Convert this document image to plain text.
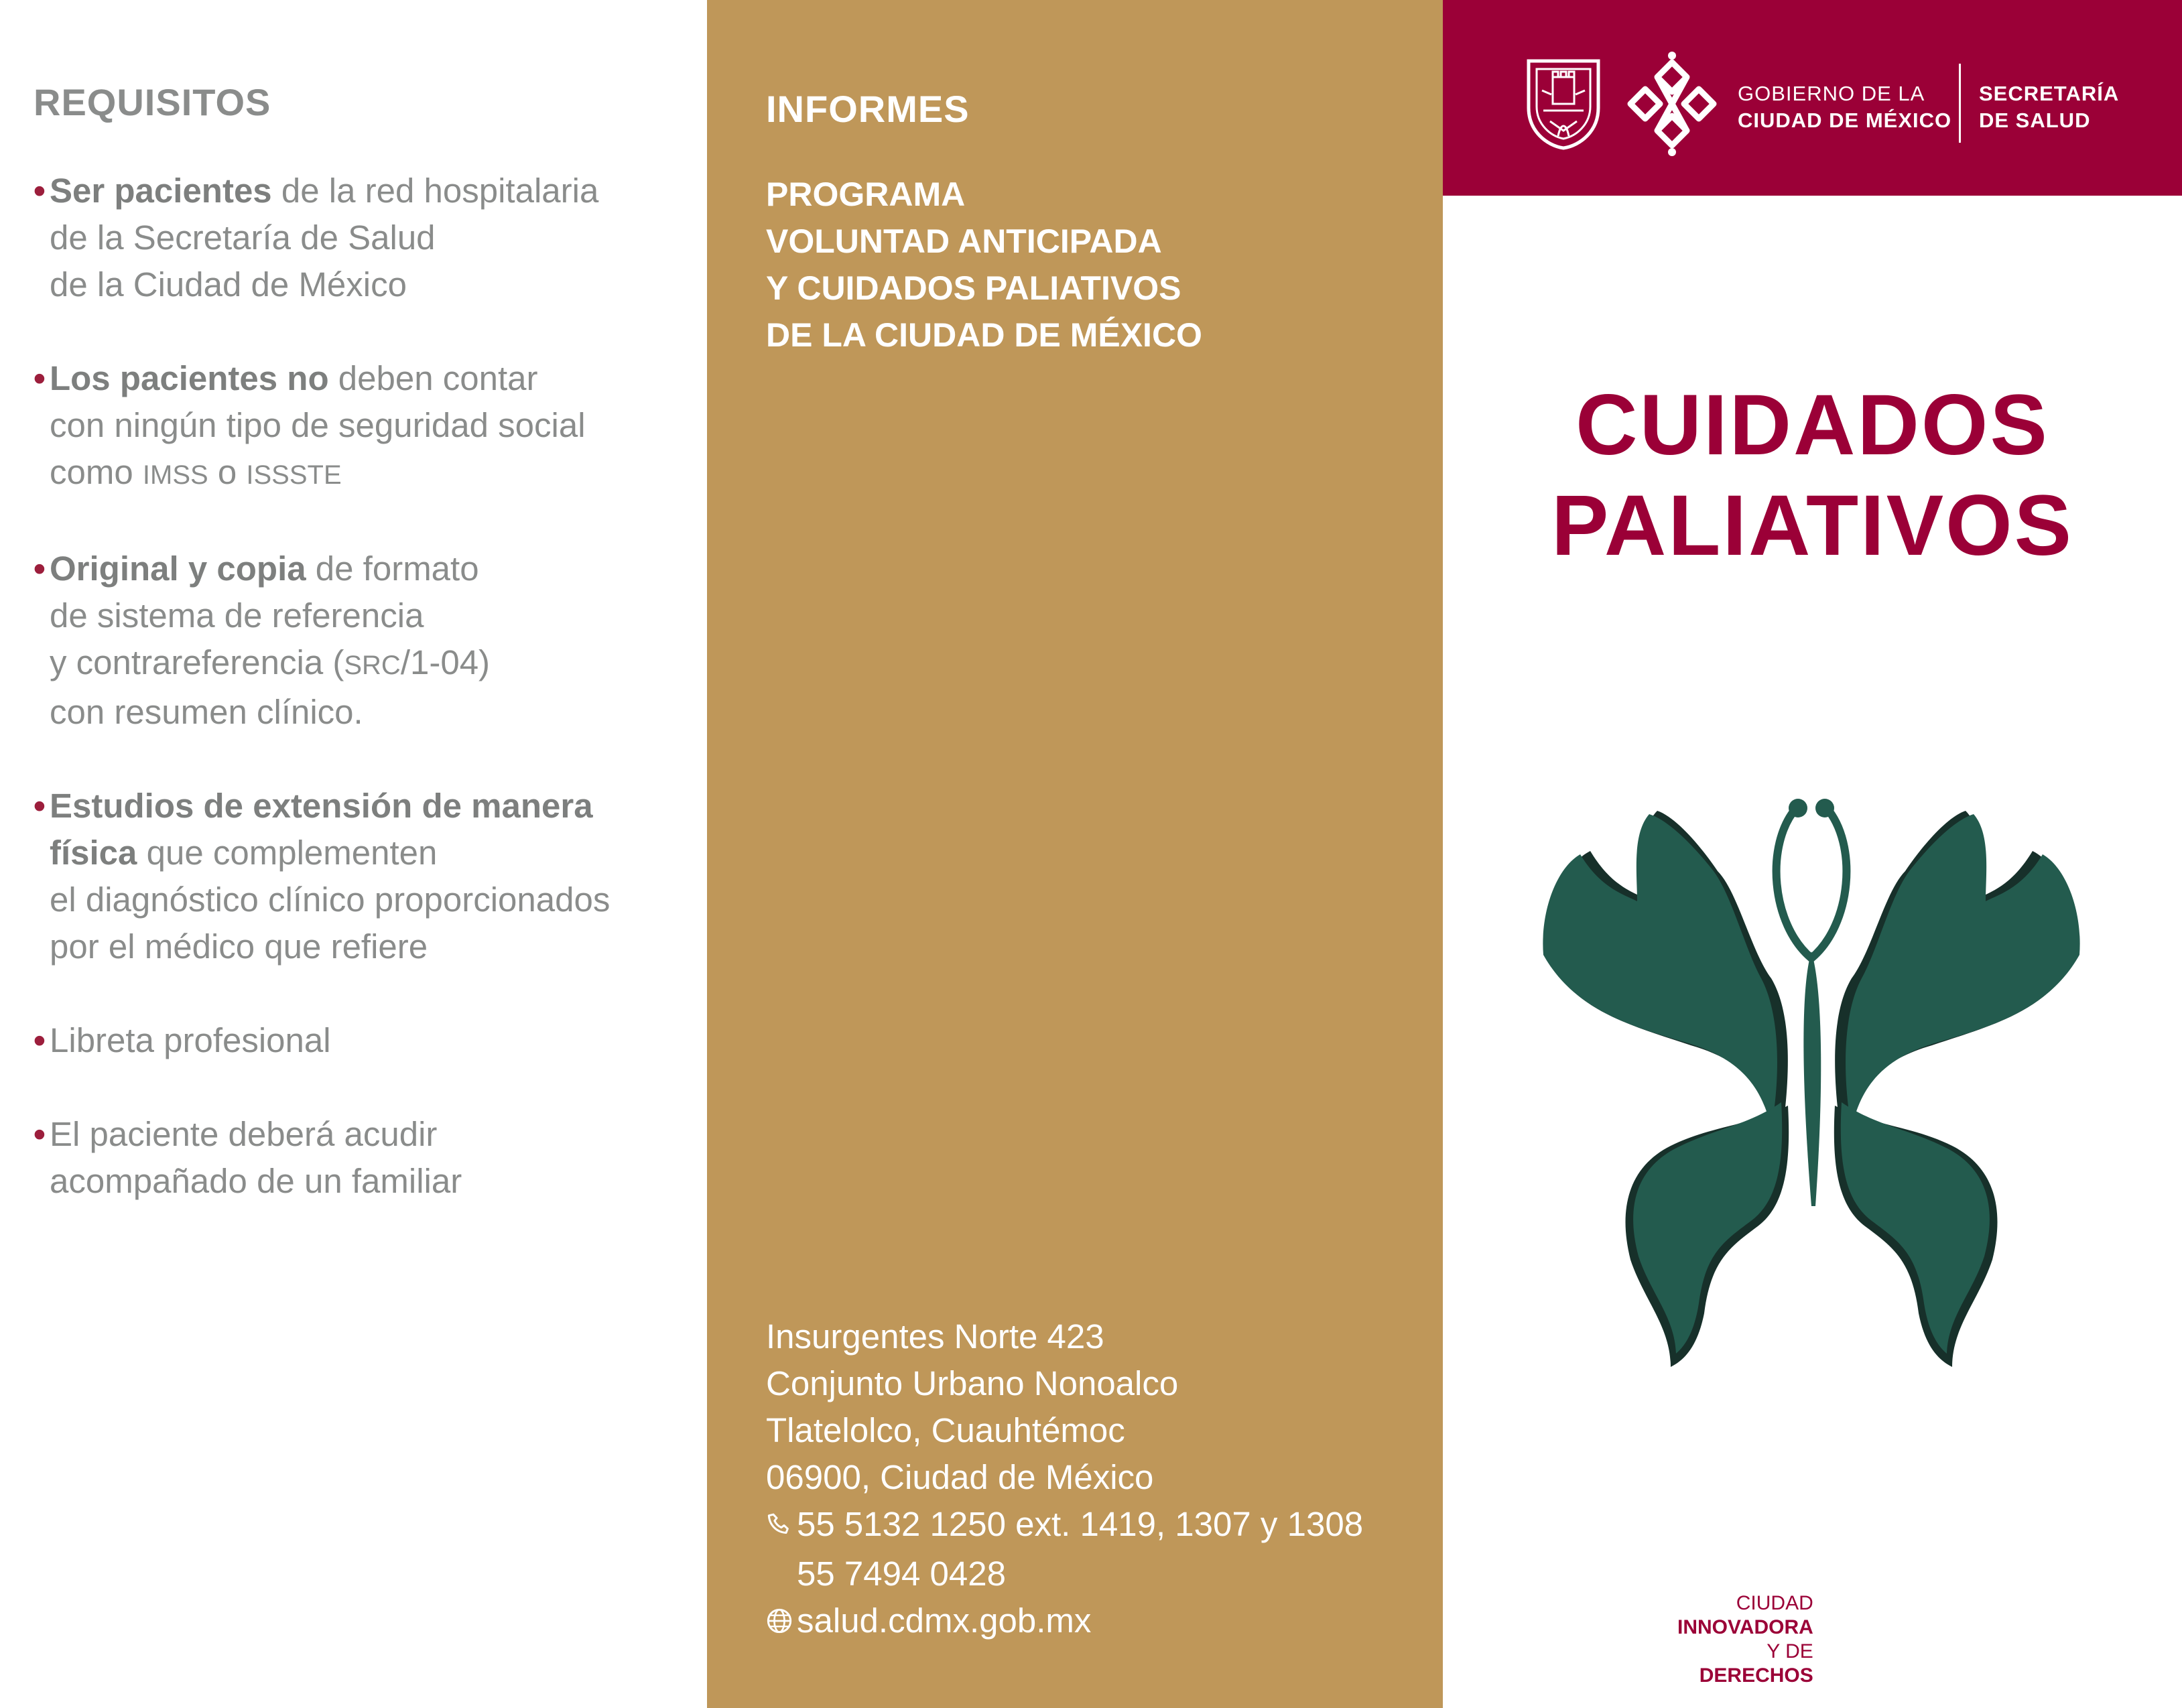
REQUISITOS
• Ser pacientes de la red hospitalaria
de la Secretaría de Salud
de la Ciudad de México
• Los pacientes no deben contar
con ningún tipo de seguridad social
como IMSS o ISSSTE
• Original y copia de formato
de sistema de referencia
y contrareferencia (SRC/1-04)
con resumen clínico.
• Estudios de extensión de manera
física que complementen
el diagnóstico clínico proporcionados
por el médico que refiere
• Libreta profesional
• El paciente deberá acudir
acompañado de un familiar
INFORMES
PROGRAMA
VOLUNTAD ANTICIPADA
Y CUIDADOS PALIATIVOS
DE LA CIUDAD DE MÉXICO
Insurgentes Norte 423
Conjunto Urbano Nonoalco
Tlatelolco, Cuauhtémoc
06900, Ciudad de México
55 5132 1250 ext. 1419, 1307 y 1308
55 7494 0428
salud.cdmx.gob.mx
GOBIERNO DE LA
CIUDAD DE MÉXICO
SECRETARÍA
DE SALUD
CUIDADOS
PALIATIVOS
CIUDAD
INNOVADORA
Y DE
DERECHOS
